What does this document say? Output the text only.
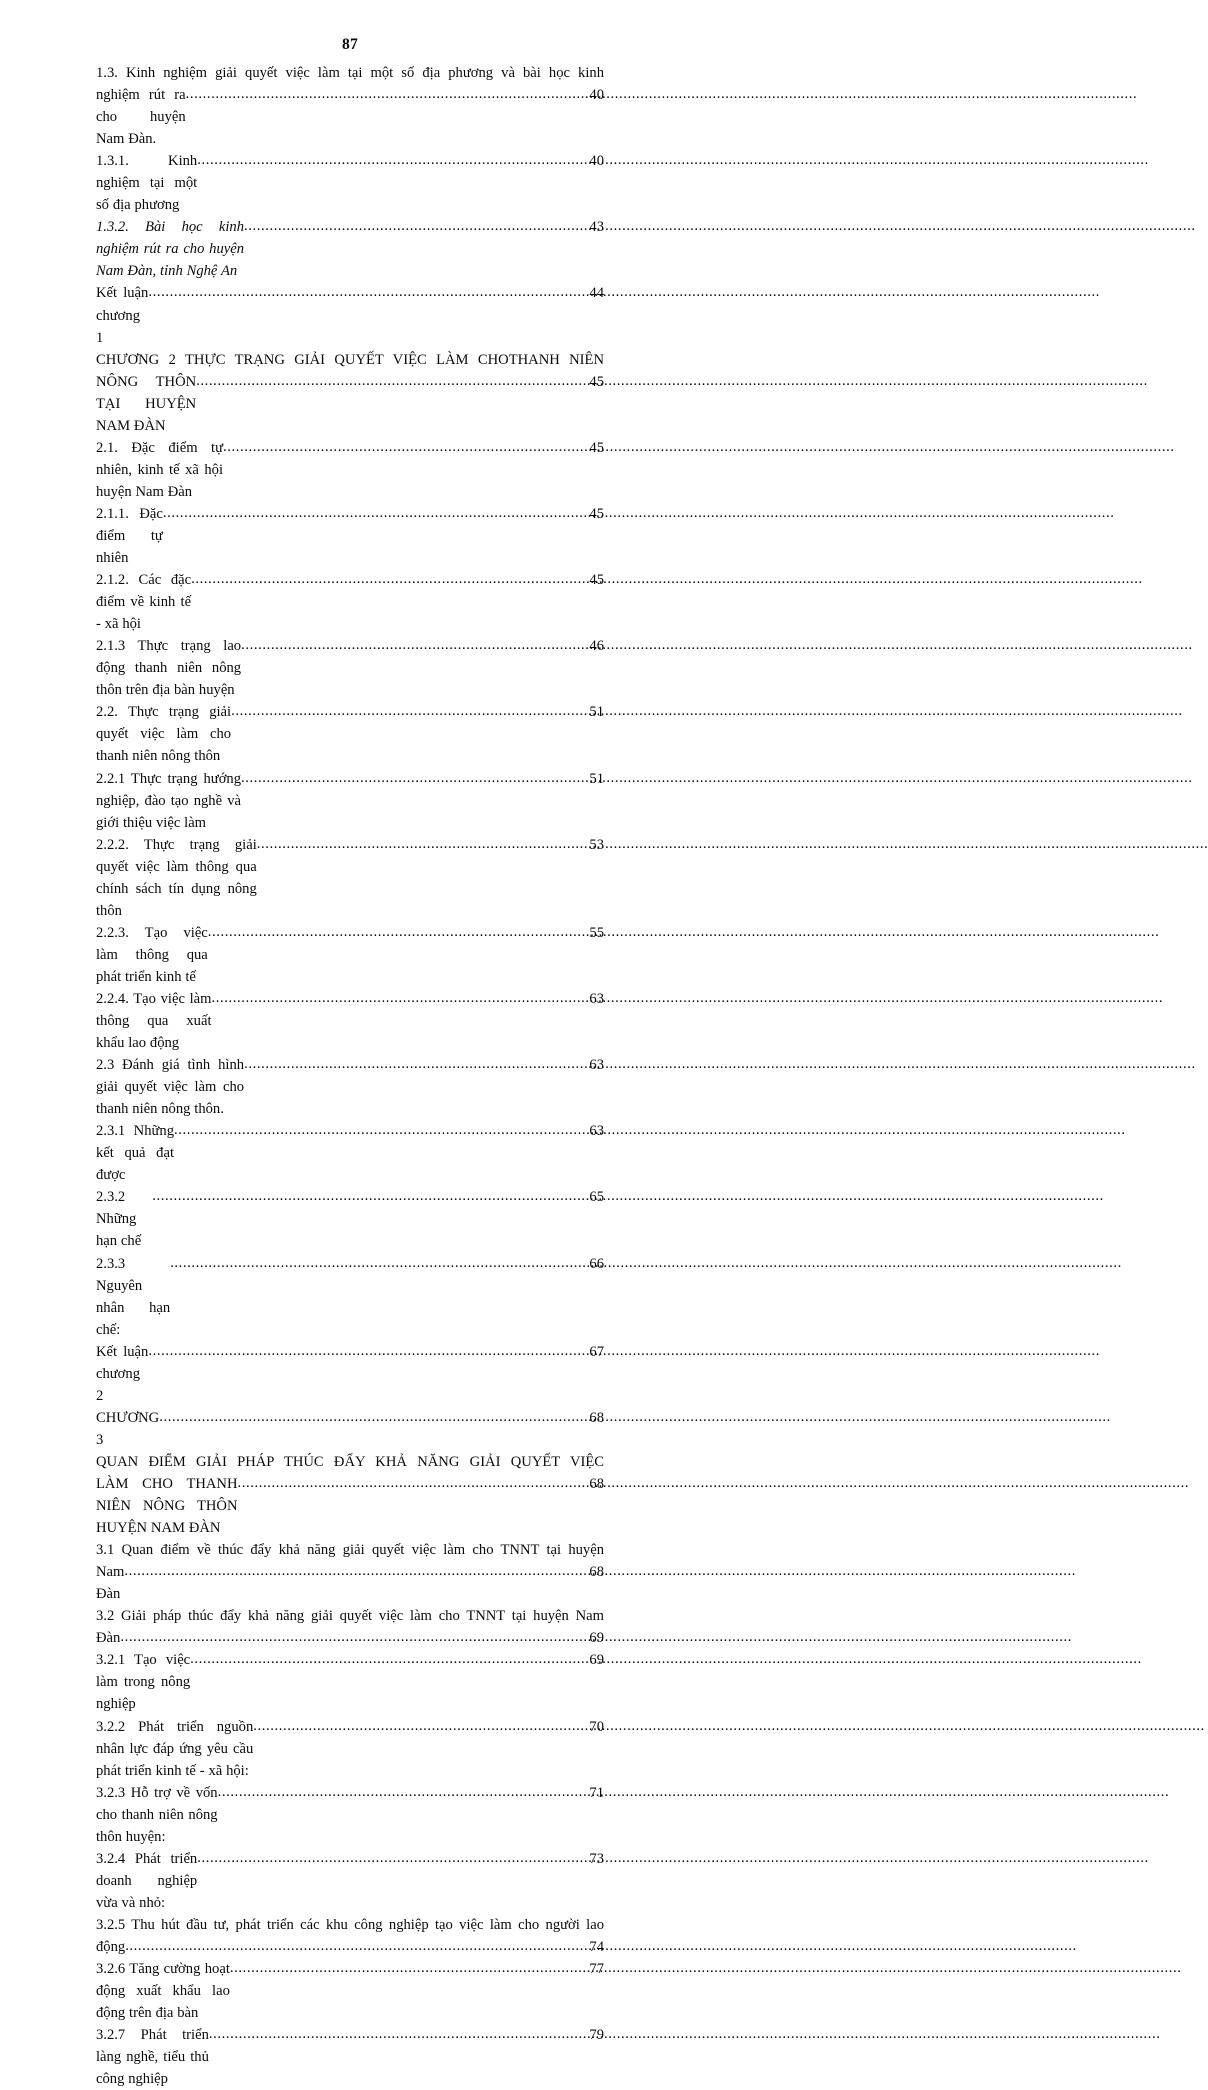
87
1.3. Kinh nghiệm giải quyết việc làm tại một số địa phương và bài học kinh
nghiệm rút ra cho huyện Nam Đàn.
.....
40
1.3.1. Kinh nghiệm tại một số địa phương
.....
40
1.3.2. Bài học kinh nghiệm rút ra cho huyện Nam Đàn, tỉnh Nghệ An
.....
43
Kết luận chương 1
.....
44
CHƯƠNG 2 THỰC TRẠNG GIẢI QUYẾT VIỆC LÀM CHOTHANH NIÊN
NÔNG THÔN TẠI HUYỆN NAM ĐÀN
.....
45
2.1. Đặc điểm tự nhiên, kinh tế xã hội  huyện Nam Đàn
.....
45
2.1.1. Đặc điểm tự nhiên
.....
45
2.1.2. Các đặc điểm về kinh tế - xã hội
.....
45
2.1.3 Thực trạng lao động thanh niên nông thôn trên địa bàn huyện
.....
46
2.2. Thực trạng giải quyết việc làm cho thanh niên nông thôn
.....
51
2.2.1 Thực trạng hướng nghiệp, đào tạo nghề và giới thiệu việc làm
.....
51
2.2.2. Thực trạng giải quyết việc làm thông qua chính sách tín dụng nông thôn
.....
53
2.2.3. Tạo việc làm thông qua phát triển kinh tế
.....
55
2.2.4. Tạo việc làm thông qua xuất khẩu lao động
.....
63
2.3 Đánh giá tình hình giải quyết việc làm cho thanh niên nông thôn.
.....
63
2.3.1 Những kết quả đạt được
.....
63
2.3.2 Những hạn chế
.....
65
2.3.3 Nguyên nhân hạn chế:
.....
66
Kết luận chương 2
.....
67
CHƯƠNG 3
.....
68
QUAN ĐIỂM GIẢI PHÁP THÚC ĐẨY KHẢ NĂNG GIẢI QUYẾT VIỆC
LÀM CHO THANH NIÊN NÔNG THÔN HUYỆN NAM ĐÀN
.....
68
3.1 Quan điểm về thúc đẩy khả năng giải quyết việc làm cho TNNT tại huyện
Nam Đàn
.....
68
3.2 Giải pháp thúc đẩy khả năng giải quyết việc làm cho TNNT tại huyện Nam
Đàn .....	69
3.2.1 Tạo việc làm trong nông nghiệp
.....
69
3.2.2 Phát triển nguồn nhân lực đáp ứng yêu cầu phát triển kinh tế - xã hội:
.....
70
3.2.3 Hỗ trợ về vốn cho thanh niên nông thôn huyện:
.....
71
3.2.4 Phát triển doanh nghiệp vừa và nhỏ:
.....
73
3.2.5 Thu hút đầu tư, phát triển các khu công nghiệp tạo việc làm cho người lao
động .....	74
3.2.6 Tăng cường hoạt động xuất khẩu lao động trên địa bàn
.....
77
3.2.7 Phát triển làng nghề, tiểu thủ công nghiệp
.....
79
